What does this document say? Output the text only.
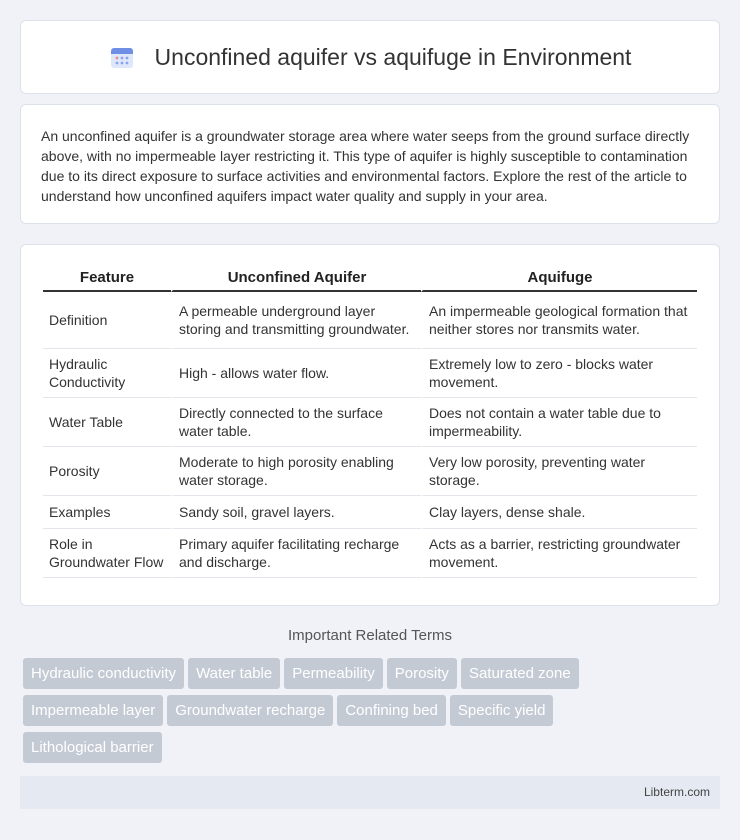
Unconfined aquifer vs aquifuge in Environment

An unconfined aquifer is a groundwater storage area where water seeps from the ground surface directly above, with no impermeable layer restricting it. This type of aquifer is highly susceptible to contamination due to its direct exposure to surface activities and environmental factors. Explore the rest of the article to understand how unconfined aquifers impact water quality and supply in your area.

Feature	Unconfined Aquifer	Aquifuge
Definition	A permeable underground layer storing and transmitting groundwater.	An impermeable geological formation that neither stores nor transmits water.
Hydraulic Conductivity	High - allows water flow.	Extremely low to zero - blocks water movement.
Water Table	Directly connected to the surface water table.	Does not contain a water table due to impermeability.
Porosity	Moderate to high porosity enabling water storage.	Very low porosity, preventing water storage.
Examples	Sandy soil, gravel layers.	Clay layers, dense shale.
Role in Groundwater Flow	Primary aquifer facilitating recharge and discharge.	Acts as a barrier, restricting groundwater movement.
Important Related Terms
Hydraulic conductivity Water table Permeability Porosity Saturated zone
Impermeable layer Groundwater recharge Confining bed Specific yield
Lithological barrier
Libterm.com
